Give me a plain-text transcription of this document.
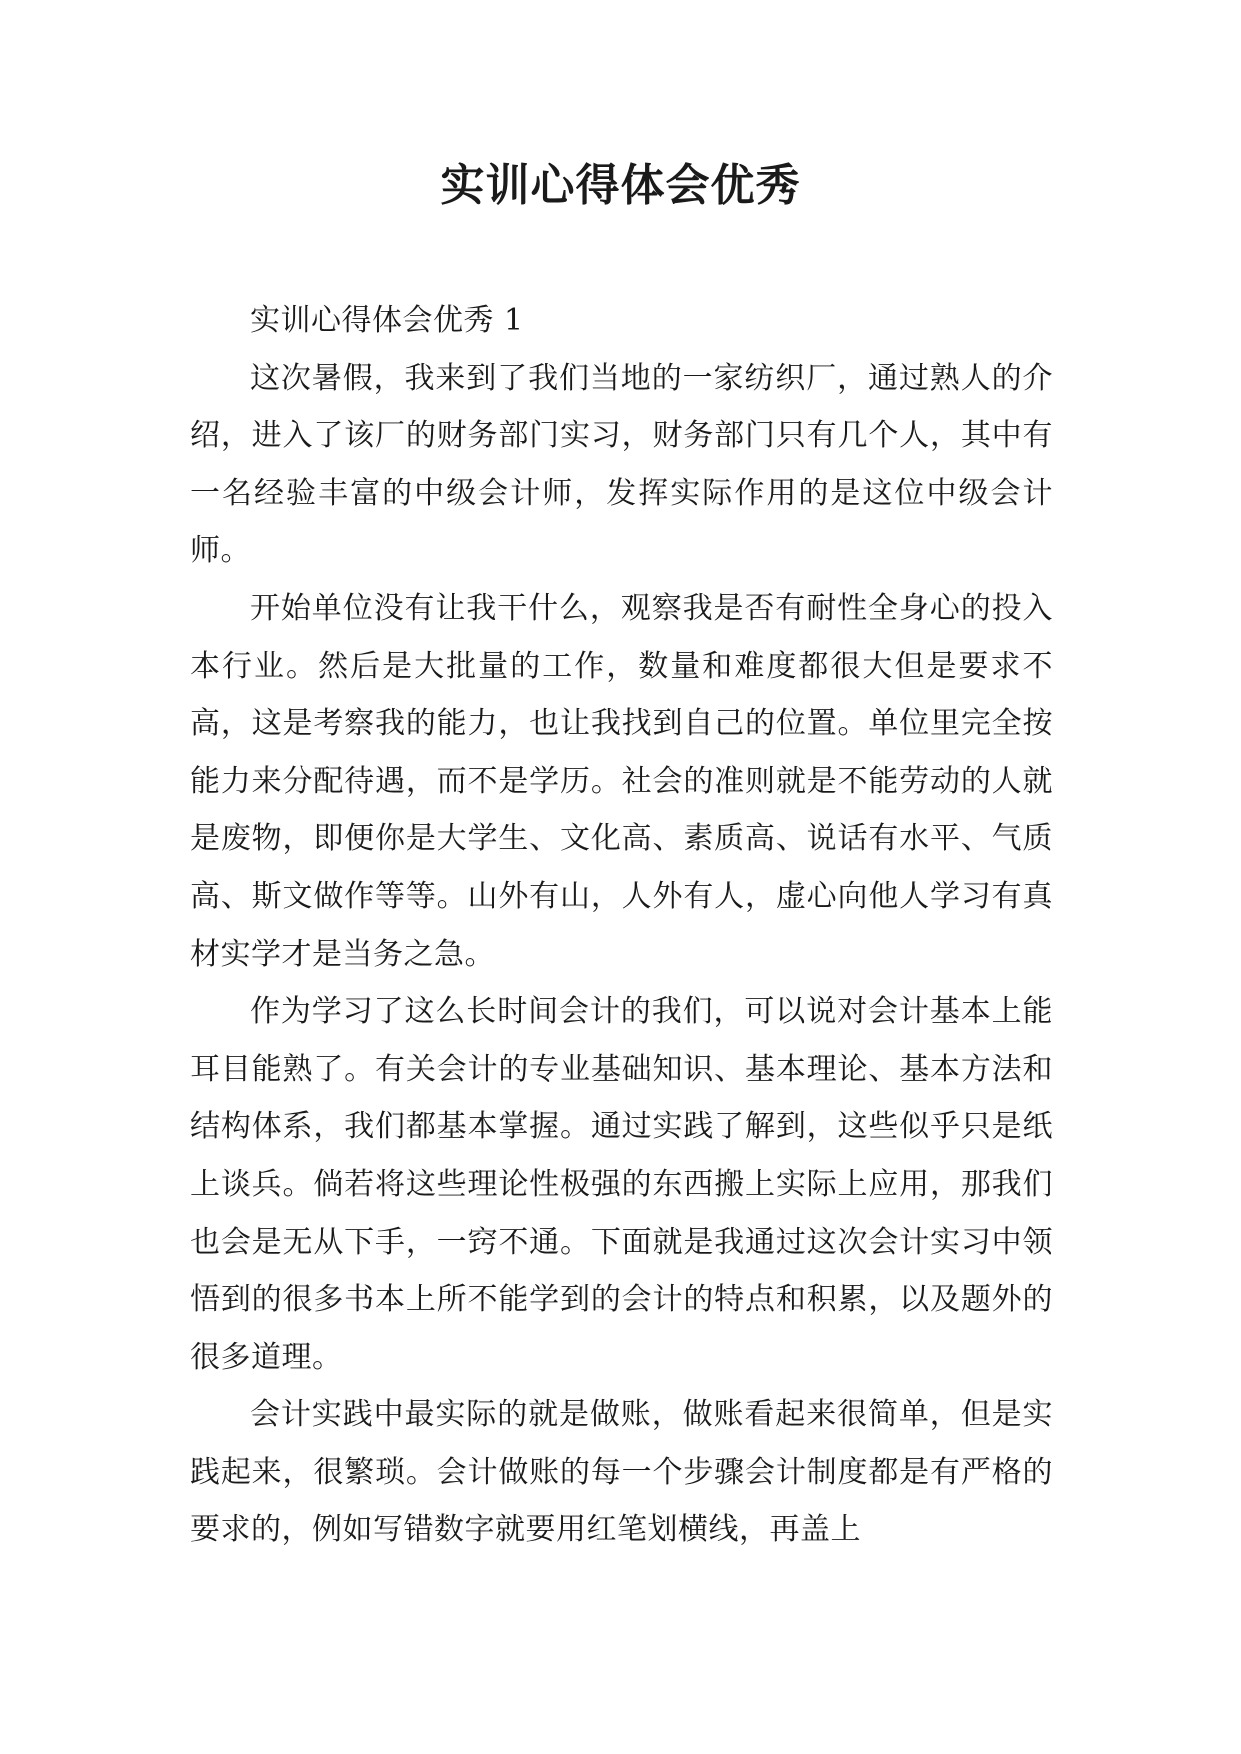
实训心得体会优秀

实训心得体会优秀 1

这次暑假，我来到了我们当地的一家纺织厂，通过熟人的介绍，进入了该厂的财务部门实习，财务部门只有几个人，其中有一名经验丰富的中级会计师，发挥实际作用的是这位中级会计师。

开始单位没有让我干什么，观察我是否有耐性全身心的投入本行业。然后是大批量的工作，数量和难度都很大但是要求不高，这是考察我的能力，也让我找到自己的位置。单位里完全按能力来分配待遇，而不是学历。社会的准则就是不能劳动的人就是废物，即便你是大学生、文化高、素质高、说话有水平、气质高、斯文做作等等。山外有山，人外有人，虚心向他人学习有真材实学才是当务之急。

作为学习了这么长时间会计的我们，可以说对会计基本上能耳目能熟了。有关会计的专业基础知识、基本理论、基本方法和结构体系，我们都基本掌握。通过实践了解到，这些似乎只是纸上谈兵。倘若将这些理论性极强的东西搬上实际上应用，那我们也会是无从下手，一窍不通。下面就是我通过这次会计实习中领悟到的很多书本上所不能学到的会计的特点和积累，以及题外的很多道理。

会计实践中最实际的就是做账，做账看起来很简单，但是实践起来，很繁琐。会计做账的每一个步骤会计制度都是有严格的要求的，例如写错数字就要用红笔划横线，再盖上
